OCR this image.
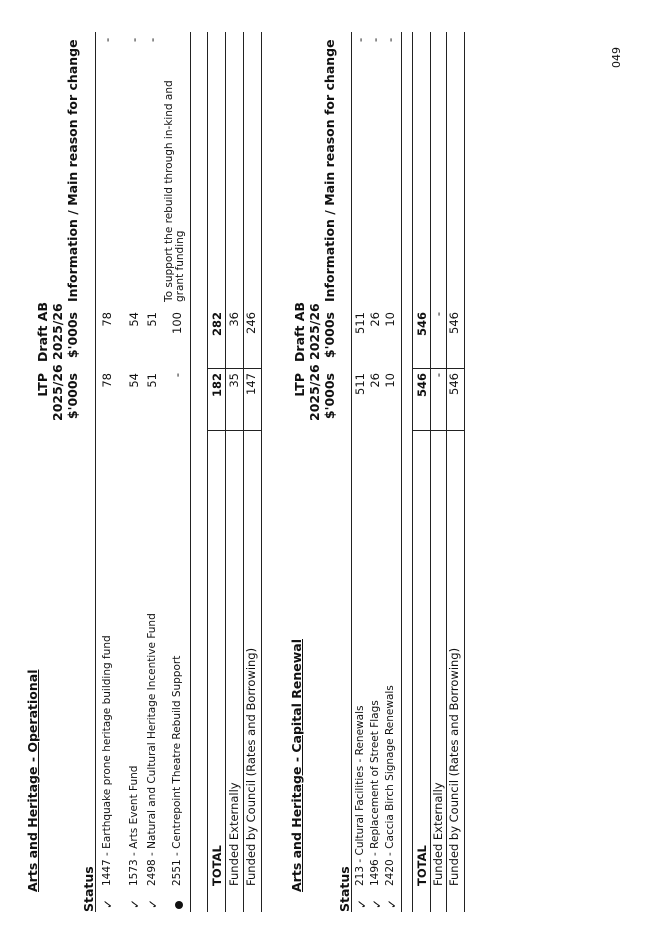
Arts and Heritage - Operational	Status
LTP 2025/26 $'000s
Draft AB 2025/26 $'000s
Information / Main reason for change
✓
1447 - Earthquake prone heritage building fund
78
78
-
✓
1573 - Arts Event Fund
54
54
-
✓
2498 - Natural and Cultural Heritage Incentive Fund
51
51
-
2551 - Centrepoint Theatre Rebuild Support
-
100
To support the rebuild through in-kind and grant funding
TOTAL
182
282
Funded Externally
35
36
Funded by Council (Rates and Borrowing)
147
246
Arts and Heritage - Capital Renewal	Status
LTP 2025/26 $'000s
Draft AB 2025/26 $'000s
Information / Main reason for change
✓
213 - Cultural Facilities - Renewals
511
511
-
✓
1496 - Replacement of Street Flags
26
26
-
✓
2420 - Caccia Birch Signage Renewals
10
10
-
TOTAL
546
546
Funded Externally
-
-
Funded by Council (Rates and Borrowing)
546
546
049
